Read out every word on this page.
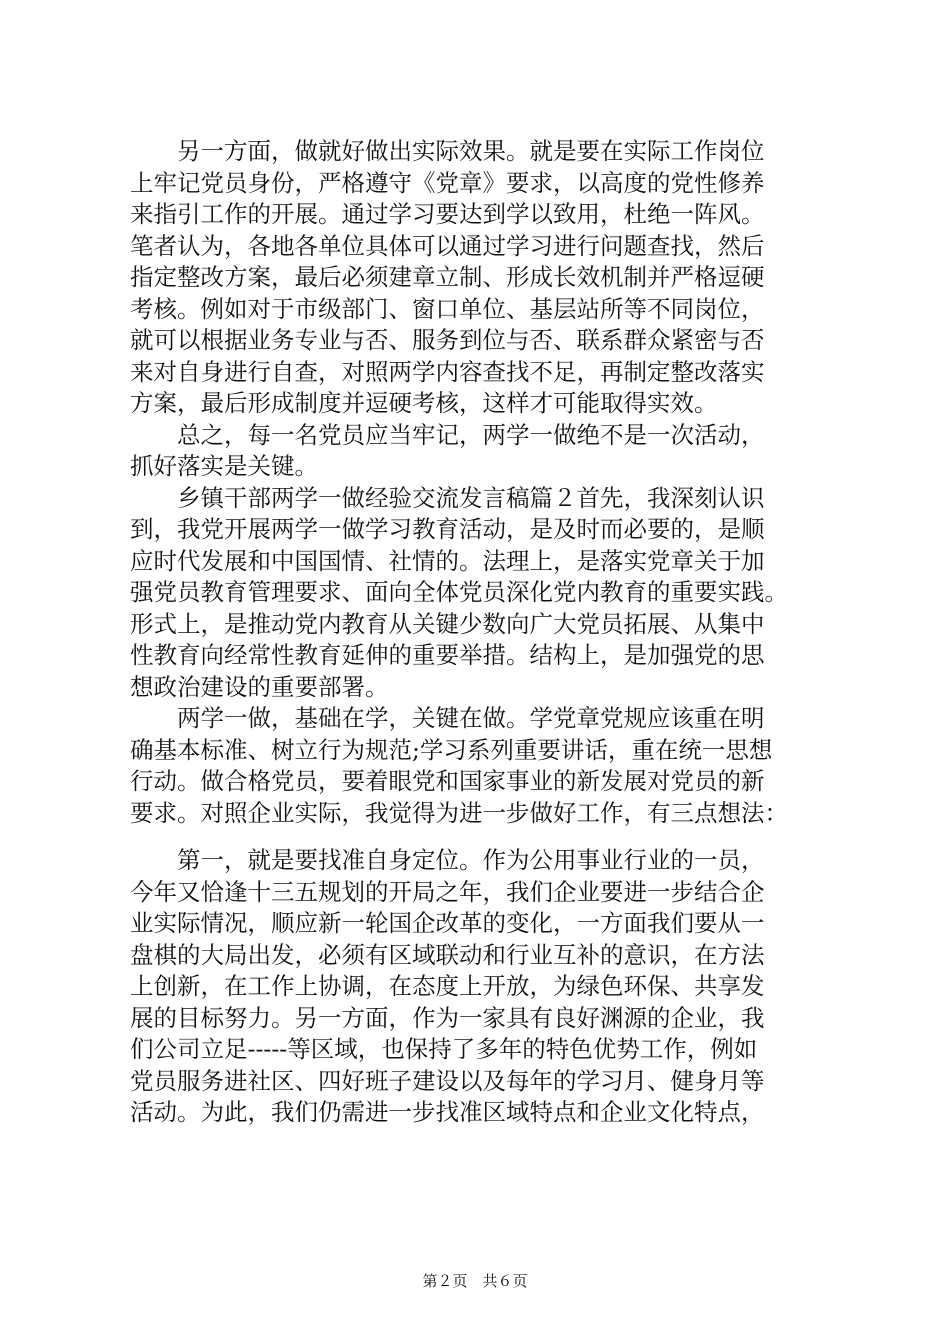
　　另一方面，做就好做出实际效果。就是要在实际工作岗位
上牢记党员身份，严格遵守《党章》要求，以高度的党性修养
来指引工作的开展。通过学习要达到学以致用，杜绝一阵风。
笔者认为，各地各单位具体可以通过学习进行问题查找，然后
指定整改方案，最后必须建章立制、形成长效机制并严格逗硬
考核。例如对于市级部门、窗口单位、基层站所等不同岗位，
就可以根据业务专业与否、服务到位与否、联系群众紧密与否
来对自身进行自查，对照两学内容查找不足，再制定整改落实
方案，最后形成制度并逗硬考核，这样才可能取得实效。
　　总之，每一名党员应当牢记，两学一做绝不是一次活动，
抓好落实是关键。
　　乡镇干部两学一做经验交流发言稿篇２首先，我深刻认识
到，我党开展两学一做学习教育活动，是及时而必要的，是顺
应时代发展和中国国情、社情的。法理上，是落实党章关于加
强党员教育管理要求、面向全体党员深化党内教育的重要实践。
形式上，是推动党内教育从关键少数向广大党员拓展、从集中
性教育向经常性教育延伸的重要举措。结构上，是加强党的思
想政治建设的重要部署。
　　两学一做，基础在学，关键在做。学党章党规应该重在明
确基本标准、树立行为规范;学习系列重要讲话，重在统一思想
行动。做合格党员，要着眼党和国家事业的新发展对党员的新
要求。对照企业实际，我觉得为进一步做好工作，有三点想法：
　　第一，就是要找准自身定位。作为公用事业行业的一员，
今年又恰逢十三五规划的开局之年，我们企业要进一步结合企
业实际情况，顺应新一轮国企改革的变化，一方面我们要从一
盘棋的大局出发，必须有区域联动和行业互补的意识，在方法
上创新，在工作上协调，在态度上开放，为绿色环保、共享发
展的目标努力。另一方面，作为一家具有良好渊源的企业，我
们公司立足-----等区域，也保持了多年的特色优势工作，例如
党员服务进社区、四好班子建设以及每年的学习月、健身月等
活动。为此，我们仍需进一步找准区域特点和企业文化特点，
第２页　共６页
